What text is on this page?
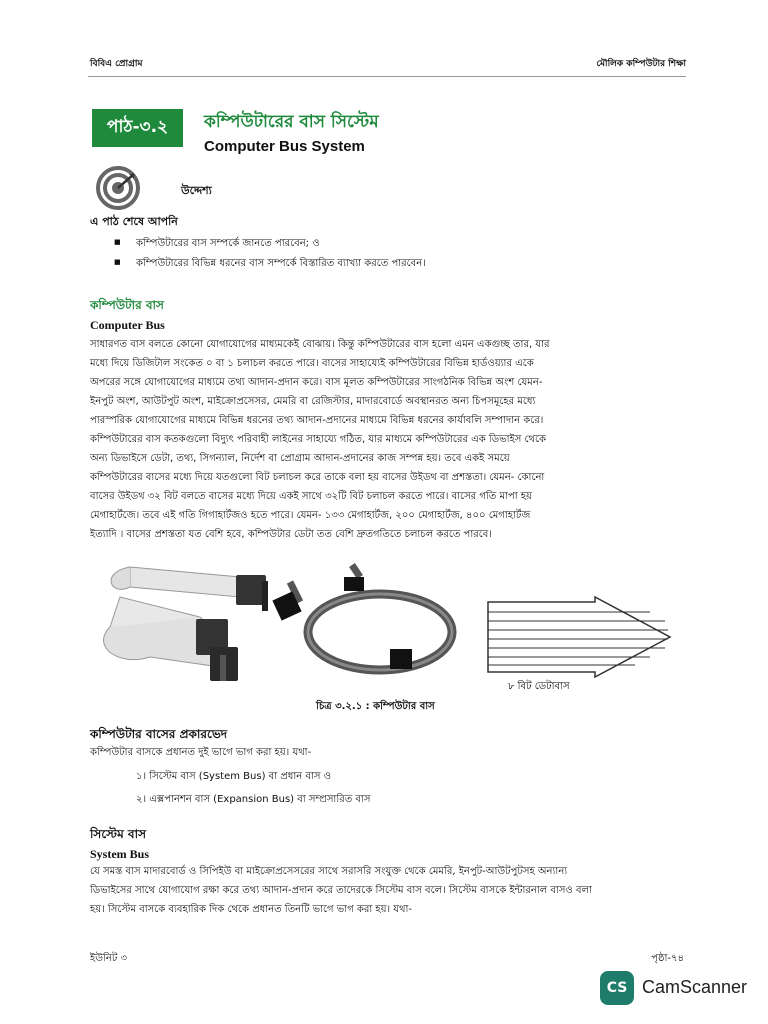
বিবিএ প্রোগ্রাম	মৌলিক কম্পিউটার শিক্ষা
পাঠ-৩.২	কম্পিউটারের বাস সিস্টেম
Computer Bus System
উদ্দেশ্য
এ পাঠ শেষে আপনি
■ কম্পিউটারের বাস সম্পর্কে জানতে পারবেন; ও
■ কম্পিউটারের বিভিন্ন ধরনের বাস সম্পর্কে বিস্তারিত ব্যাখ্যা করতে পারবেন।
কম্পিউটার বাস
Computer Bus
সাধারণত বাস বলতে কোনো যোগাযোগের মাধ্যমকেই বোঝায়। কিন্তু কম্পিউটারের বাস হলো এমন একগুচ্ছ তার, যার
মধ্যে দিয়ে ডিজিটাল সংকেত ০ বা ১ চলাচল করতে পারে। বাসের সাহায্যেই কম্পিউটারের বিভিন্ন হার্ডওয়্যার একে
অপরের সঙ্গে যোগাযোগের মাধ্যমে তথ্য আদান-প্রদান করে। বাস মূলত কম্পিউটারের সাংগঠনিক বিভিন্ন অংশ যেমন-
ইনপুট অংশ, আউটপুট অংশ, মাইক্রোপ্রসেসর, মেমরি বা রেজিস্টার, মাদারবোর্ডে অবস্থানরত অন্য চিপসমূহের মধ্যে
পারস্পরিক যোগাযোগের মাধ্যমে বিভিন্ন ধরনের তথ্য আদান-প্রদানের মাধ্যমে বিভিন্ন ধরনের কার্যাবলি সম্পাদান করে।
কম্পিউটারের বাস কতকগুলো বিদ্যুৎ পরিবাহী লাইনের সাহায্যে গঠিত, যার মাধ্যমে কম্পিউটারের এক ডিভাইস থেকে
অন্য ডিভাইসে ডেটা, তথ্য, সিগন্যাল, নির্দেশ বা প্রোগ্রাম আদান-প্রদানের কাজ সম্পন্ন হয়। তবে একই সময়ে
কম্পিউটারের বাসের মধ্যে দিয়ে যতগুলো বিট চলাচল করে তাকে বলা হয় বাসের উইডথ বা প্রশস্ততা। যেমন- কোনো
বাসের উইডথ ৩২ বিট বলতে বাসের মধ্যে দিয়ে একই সাথে ৩২টি বিট চলাচল করতে পারে। বাসের গতি মাপা হয়
মেগাহার্টজে। তবে এই গতি গিগাহার্টজও হতে পারে। যেমন- ১৩৩ মেগাহার্টজ, ২০০ মেগাহার্টজ, ৪০০ মেগাহার্টজ
ইত্যাদি । বাসের প্রশস্ততা যত বেশি হবে, কম্পিউটার ডেটা তত বেশি দ্রুতগতিতে চলাচল করতে পারবে।
৮ বিট ডেটাবাস
চিত্র ৩.২.১ : কম্পিউটার বাস
কম্পিউটার বাসের প্রকারভেদ
কম্পিউটার বাসকে প্রধানত দুই ভাগে ভাগ করা হয়। যথা-
১। সিস্টেম বাস (System Bus) বা প্রধান বাস ও
২। এক্সপানশন বাস (Expansion Bus) বা সম্প্রসারিত বাস
সিস্টেম বাস
System Bus
যে সমস্ত বাস মাদারবোর্ড ও সিপিইউ বা মাইক্রোপ্রসেসরের সাথে সরাসরি সংযুক্ত থেকে মেমরি, ইনপুট-আউটপুটসহ অন্যান্য
ডিভাইসের সাথে যোগাযোগ রক্ষা করে তথ্য আদান-প্রদান করে তাদেরকে সিস্টেম বাস বলে। সিস্টেম বাসকে ইন্টারনাল বাসও বলা
হয়। সিস্টেম বাসকে ব্যবহারিক দিক থেকে প্রধানত তিনটি ভাগে ভাগ করা হয়। যথা-
ইউনিট ৩	পৃষ্ঠা-৭৪
CS CamScanner
